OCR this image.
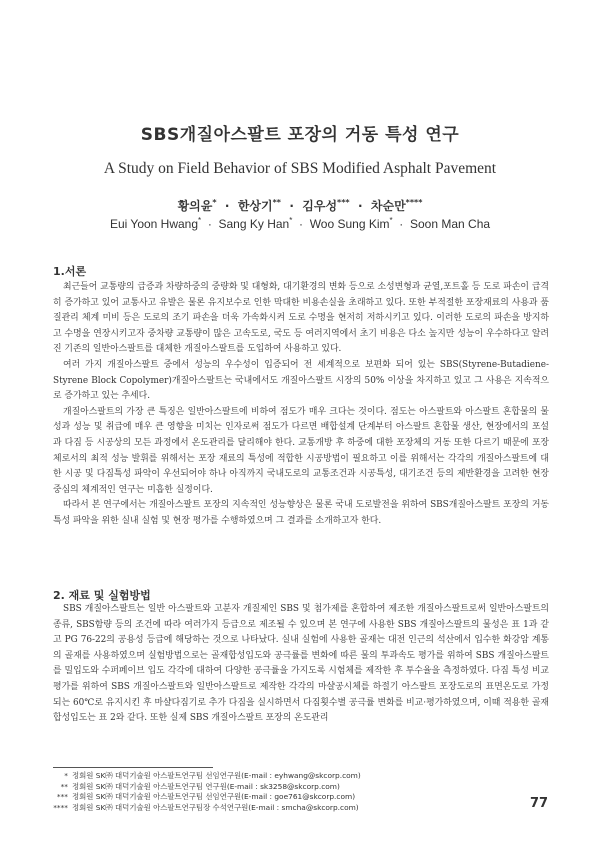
SBS개질아스팔트 포장의 거동 특성 연구
A Study on Field Behavior of SBS Modified Asphalt Pavement
황의윤*  ·  한상기**  ·  김우성***  ·  차순만****
Eui Yoon Hwang*  ·  Sang Ky Han*  ·  Woo Sung Kim*  ·  Soon Man Cha
1.서론

최근들어 교통량의 급증과 차량하중의 중량화 및 대형화, 대기환경의 변화 등으로 소성변형과 균열,포트홀 등 도로 파손이 급격히 증가하고 있어 교통사고 유발은 물론 유지보수로 인한 막대한 비용손실을 초래하고 있다. 또한 부적절한 포장재료의 사용과 품질관리 체계 미비 등은 도로의 조기 파손을 더욱 가속화시켜 도로 수명을 현저히 저하시키고 있다. 이러한 도로의 파손을 방지하고 수명을 연장시키고자 중차량 교통량이 많은 고속도로, 국도 등 여러지역에서 초기 비용은 다소 높지만 성능이 우수하다고 알려진 기존의 일반아스팔트를 대체한 개질아스팔트를 도입하여 사용하고 있다.

여러 가지 개질아스팔트 중에서 성능의 우수성이 입증되어 전 세계적으로 보편화 되어 있는 SBS(Styrene-Butadiene-Styrene Block Copolymer)개질아스팔트는 국내에서도 개질아스팔트 시장의 50% 이상을 차지하고 있고 그 사용은 지속적으로 증가하고 있는 추세다.

개질아스팔트의 가장 큰 특징은 일반아스팔트에 비하여 점도가 매우 크다는 것이다. 점도는 아스팔트와 아스팔트 혼합물의 물성과 성능 및 취급에 매우 큰 영향을 미치는 인자로써 점도가 다르면 배합설계 단계부터 아스팔트 혼합물 생산, 현장에서의 포설과 다짐 등 시공상의 모든 과정에서 온도관리를 달리해야 한다. 교통개방 후 하중에 대한 포장체의 거동 또한 다르기 때문에 포장체로서의 최적 성능 발휘를 위해서는 포장 재료의 특성에 적합한 시공방법이 필요하고 이를 위해서는 각각의 개질아스팔트에 대한 시공 및 다짐특성 파악이 우선되어야 하나 아직까지 국내도로의 교통조건과 시공특성, 대기조건 등의 제반환경을 고려한 현장중심의 체계적인 연구는 미흡한 실정이다.

따라서 본 연구에서는 개질아스팔트 포장의 지속적인 성능향상은 물론 국내 도로발전을 위하여 SBS개질아스팔트 포장의 거동특성 파악을 위한 실내 실험 및 현장 평가를 수행하였으며 그 결과를 소개하고자 한다.

2. 재료 및 실험방법

SBS 개질아스팔트는 일반 아스팔트와 고분자 개질제인 SBS 및 첨가제를 혼합하여 제조한 개질아스팔트로써 일반아스팔트의 종류, SBS함량 등의 조건에 따라 여러가지 등급으로 제조될 수 있으며 본 연구에 사용한 SBS 개질아스팔트의 물성은 표 1과 같고 PG 76-22의 공용성 등급에 해당하는 것으로 나타났다. 실내 실험에 사용한 골재는 대전 인근의 석산에서 입수한 화강암 계통의 골재를 사용하였으며 실험방법으로는 골재합성입도와 공극률를 변화에 따른 물의 투과속도 평가를 위하여 SBS 개질아스팔트를 밀입도와 수퍼페이브 입도 각각에 대하여 다양한 공극률을 가지도록 시험체를 제작한 후 투수율을 측정하였다. 다짐 특성 비교평가를 위하여 SBS 개질아스팔트와 일반아스팔트로 제작한 각각의 마샬공시체를 하절기 아스팔트 포장도로의 표면온도로 가정되는 60℃로 유지시킨 후 마샬다짐기로 추가 다짐을 실시하면서 다짐횟수별 공극률 변화를 비교·평가하였으며, 이때 적용한 골재합성입도는 표 2와 같다. 또한 실제 SBS 개질아스팔트 포장의 온도관리

* 정회원 SK㈜ 대덕기술원 아스팔트연구팀 선임연구원(E-mail : eyhwang@skcorp.com)
** 정회원 SK㈜ 대덕기술원 아스팔트연구팀 연구원(E-mail : sk3258@skcorp.com)
*** 정회원 SK㈜ 대덕기술원 아스팔트연구팀 선임연구원(E-mail : goe761@skcorp.com)
**** 정회원 SK㈜ 대덕기술원 아스팔트연구팀장 수석연구원(E-mail : smcha@skcorp.com)	77
